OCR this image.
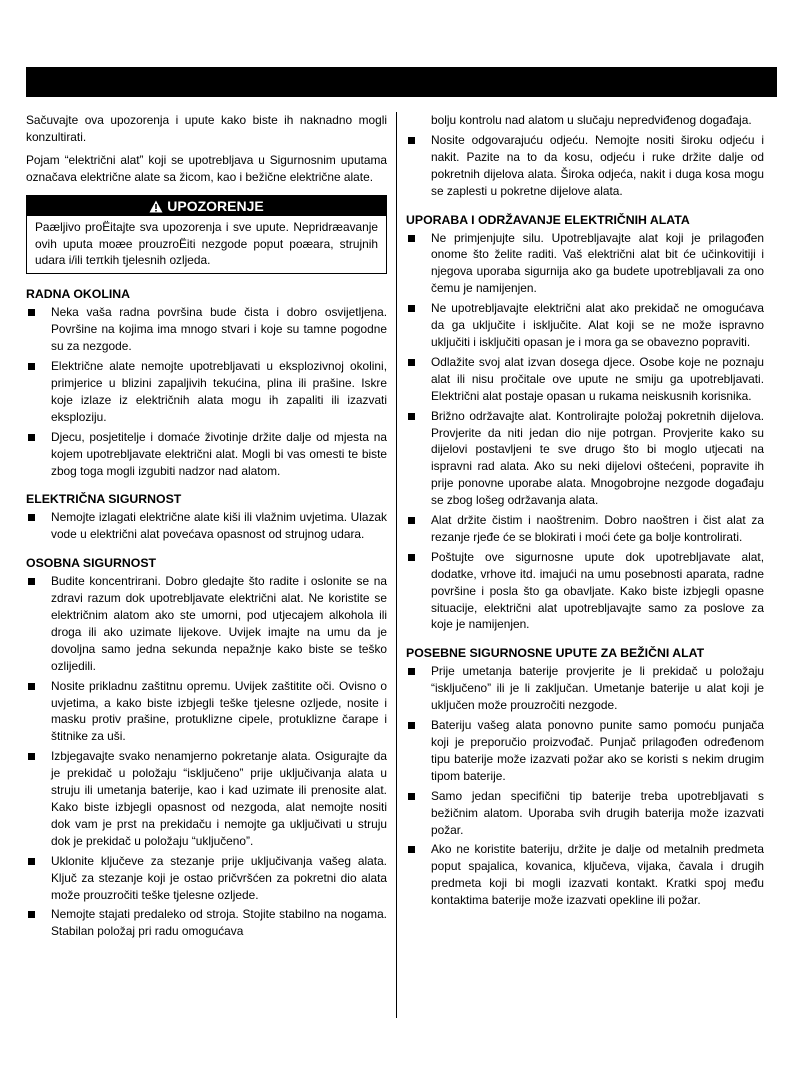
Sačuvajte ova upozorenja i upute kako biste ih naknadno mogli konzultirati.

Pojam “električni alat” koji se upotrebljava u Sigurnosnim uputama označava električne alate sa žicom, kao i bežične električne alate.

UPOZORENJE
Paæljivo proËitajte sva upozorenja i sve upute. Nepridræavanje ovih uputa moæe prouzroËiti nezgode poput poæara, strujnih udara i/ili teπkih tjelesnih ozljeda.
RADNA OKOLINA
Neka vaša radna površina bude čista i dobro osvijetljena. Površine na kojima ima mnogo stvari i koje su tamne pogodne su za nezgode.
Električne alate nemojte upotrebljavati u eksplozivnoj okolini, primjerice u blizini zapaljivih tekućina, plina ili prašine. Iskre koje izlaze iz električnih alata mogu ih zapaliti ili izazvati eksploziju.
Djecu, posjetitelje i domaće životinje držite dalje od mjesta na kojem upotrebljavate električni alat. Mogli bi vas omesti te biste zbog toga mogli izgubiti nadzor nad alatom.
ELEKTRIČNA SIGURNOST
Nemojte izlagati električne alate kiši ili vlažnim uvjetima. Ulazak vode u električni alat povećava opasnost od strujnog udara.
OSOBNA SIGURNOST
Budite koncentrirani. Dobro gledajte što radite i oslonite se na zdravi razum dok upotrebljavate električni alat. Ne koristite se električnim alatom ako ste umorni, pod utjecajem alkohola ili droga ili ako uzimate lijekove. Uvijek imajte na umu da je dovoljna samo jedna sekunda nepažnje kako biste se teško ozlijedili.
Nosite prikladnu zaštitnu opremu. Uvijek zaštitite oči. Ovisno o uvjetima, a kako biste izbjegli teške tjelesne ozljede, nosite i masku protiv prašine, protuklizne cipele, protuklizne čarape i štitnike za uši.
Izbjegavajte svako nenamjerno pokretanje alata. Osigurajte da je prekidač u položaju “isključeno” prije uključivanja alata u struju ili umetanja baterije, kao i kad uzimate ili prenosite alat. Kako biste izbjegli opasnost od nezgoda, alat nemojte nositi dok vam je prst na prekidaču i nemojte ga uključivati u struju dok je prekidač u položaju “uključeno”.
Uklonite ključeve za stezanje prije uključivanja vašeg alata. Ključ za stezanje koji je ostao pričvršćen za pokretni dio alata može prouzročiti teške tjelesne ozljede.
Nemojte stajati predaleko od stroja. Stojite stabilno na nogama. Stabilan položaj pri radu omogućava
bolju kontrolu nad alatom u slučaju nepredviđenog događaja.
Nosite odgovarajuću odjeću. Nemojte nositi široku odjeću i nakit. Pazite na to da kosu, odjeću i ruke držite dalje od pokretnih dijelova alata. Široka odjeća, nakit i duga kosa mogu se zaplesti u pokretne dijelove alata.
UPORABA I ODRŽAVANJE ELEKTRIČNIH ALATA
Ne primjenjujte silu. Upotrebljavajte alat koji je prilagođen onome što želite raditi. Vaš električni alat bit će učinkovitiji i njegova uporaba sigurnija ako ga budete upotrebljavali za ono čemu je namijenjen.
Ne upotrebljavajte električni alat ako prekidač ne omogućava da ga uključite i isključite. Alat koji se ne može ispravno uključiti i isključiti opasan je i mora ga se obavezno popraviti.
Odlažite svoj alat izvan dosega djece. Osobe koje ne poznaju alat ili nisu pročitale ove upute ne smiju ga upotrebljavati. Električni alat postaje opasan u rukama neiskusnih korisnika.
Brižno održavajte alat. Kontrolirajte položaj pokretnih dijelova. Provjerite da niti jedan dio nije potrgan. Provjerite kako su dijelovi postavljeni te sve drugo što bi moglo utjecati na ispravni rad alata. Ako su neki dijelovi oštećeni, popravite ih prije ponovne uporabe alata. Mnogobrojne nezgode događaju se zbog lošeg održavanja alata.
Alat držite čistim i naoštrenim. Dobro naoštren i čist alat za rezanje rjeđe će se blokirati i moći ćete ga bolje kontrolirati.
Poštujte ove sigurnosne upute dok upotrebljavate alat, dodatke, vrhove itd. imajući na umu posebnosti aparata, radne površine i posla što ga obavljate. Kako biste izbjegli opasne situacije, električni alat upotrebljavajte samo za poslove za koje je namijenjen.
POSEBNE SIGURNOSNE UPUTE ZA BEŽIČNI ALAT
Prije umetanja baterije provjerite je li prekidač u položaju “isključeno” ili je li zaključan. Umetanje baterije u alat koji je uključen može prouzročiti nezgode.
Bateriju vašeg alata ponovno punite samo pomoću punjača koji je preporučio proizvođač. Punjač prilagođen određenom tipu baterije može izazvati požar ako se koristi s nekim drugim tipom baterije.
Samo jedan specifični tip baterije treba upotrebljavati s bežičnim alatom. Uporaba svih drugih baterija može izazvati požar.
Ako ne koristite bateriju, držite je dalje od metalnih predmeta poput spajalica, kovanica, ključeva, vijaka, čavala i drugih predmeta koji bi mogli izazvati kontakt. Kratki spoj među kontaktima baterije može izazvati opekline ili požar.
